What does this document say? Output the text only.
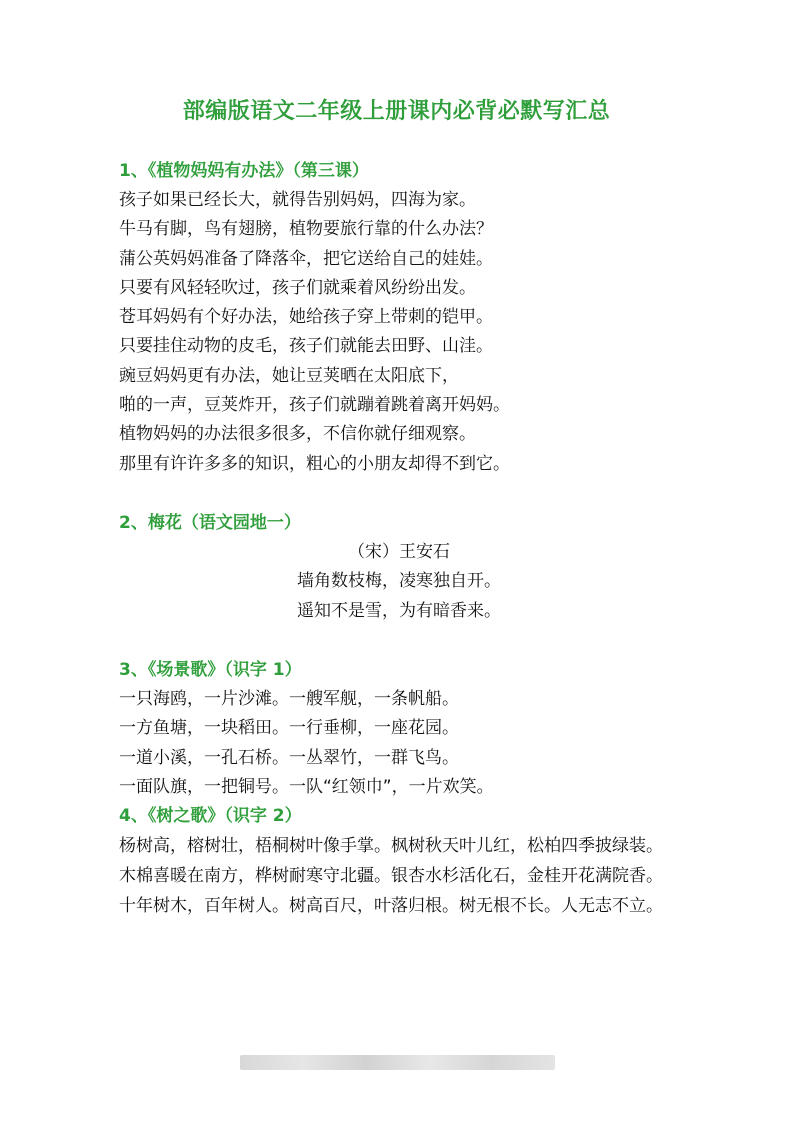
部编版语文二年级上册课内必背必默写汇总
1、《植物妈妈有办法》（第三课）
孩子如果已经长大，就得告别妈妈，四海为家。
牛马有脚，鸟有翅膀，植物要旅行靠的什么办法？
蒲公英妈妈准备了降落伞，把它送给自己的娃娃。
只要有风轻轻吹过，孩子们就乘着风纷纷出发。
苍耳妈妈有个好办法，她给孩子穿上带刺的铠甲。
只要挂住动物的皮毛，孩子们就能去田野、山洼。
豌豆妈妈更有办法，她让豆荚晒在太阳底下，
啪的一声，豆荚炸开，孩子们就蹦着跳着离开妈妈。
植物妈妈的办法很多很多，不信你就仔细观察。
那里有许许多多的知识，粗心的小朋友却得不到它。
2、梅花（语文园地一）
（宋）王安石
墙角数枝梅，凌寒独自开。
遥知不是雪，为有暗香来。
3、《场景歌》（识字 1）
一只海鸥，一片沙滩。一艘军舰，一条帆船。
一方鱼塘，一块稻田。一行垂柳，一座花园。
一道小溪，一孔石桥。一丛翠竹，一群飞鸟。
一面队旗，一把铜号。一队“红领巾”，一片欢笑。
4、《树之歌》（识字 2）
杨树高，榕树壮，梧桐树叶像手掌。枫树秋天叶儿红，松柏四季披绿装。
木棉喜暖在南方，桦树耐寒守北疆。银杏水杉活化石，金桂开花满院香。
十年树木，百年树人。树高百尺，叶落归根。树无根不长。人无志不立。
